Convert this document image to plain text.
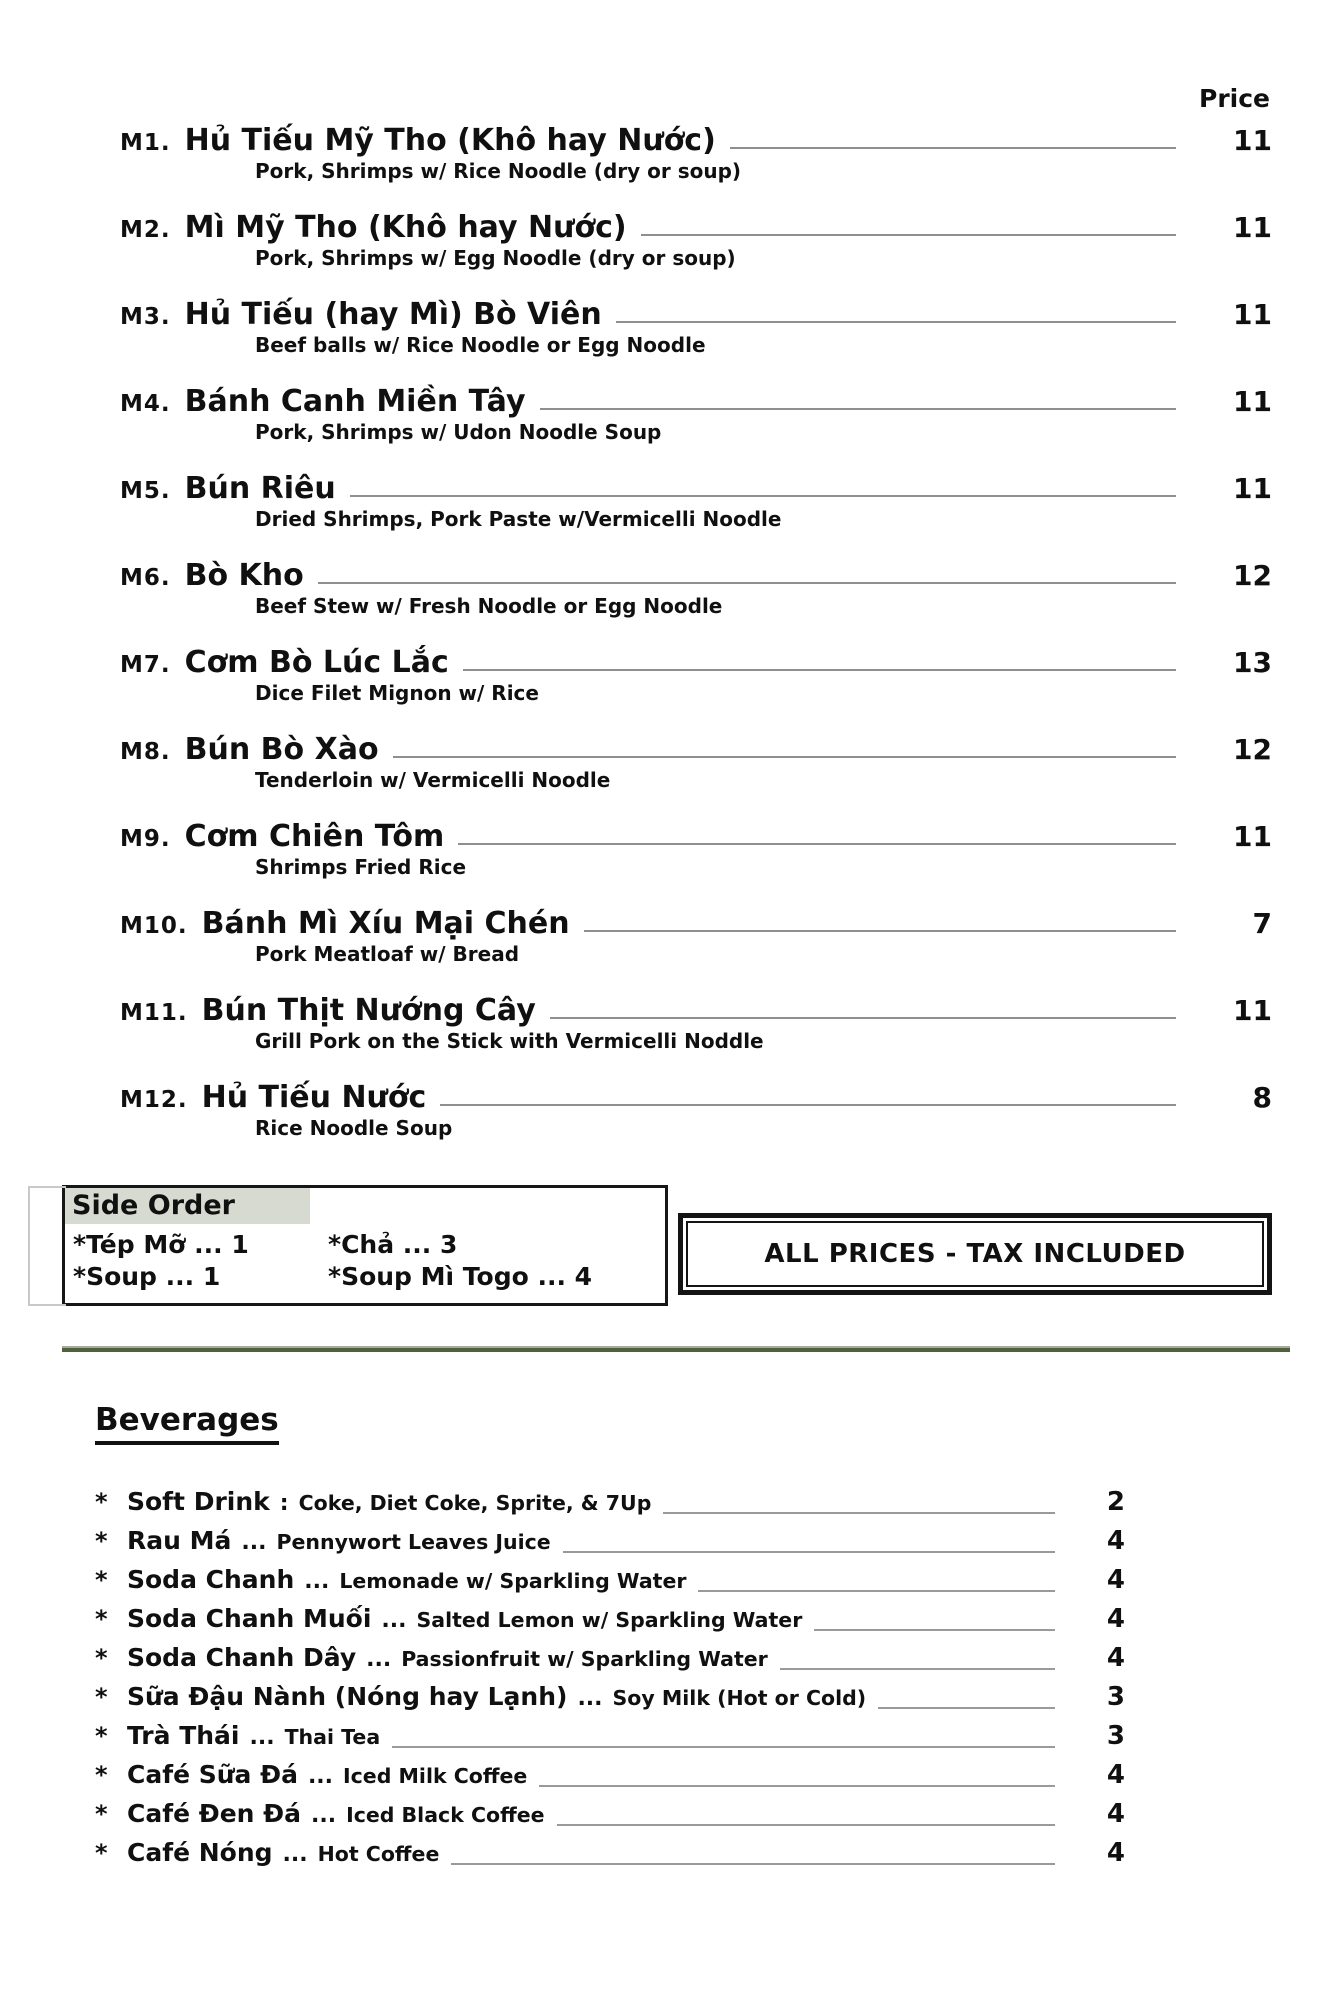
Price
M1. Hủ Tiếu Mỹ Tho (Khô hay Nước)	11
Pork, Shrimps w/ Rice Noodle (dry or soup)
M2. Mì Mỹ Tho (Khô hay Nước)	11
Pork, Shrimps w/ Egg Noodle (dry or soup)
M3. Hủ Tiếu (hay Mì) Bò Viên	11
Beef balls w/ Rice Noodle or Egg Noodle
M4. Bánh Canh Miền Tây	11
Pork, Shrimps w/ Udon Noodle Soup
M5. Bún Riêu	11
Dried Shrimps, Pork Paste w/Vermicelli Noodle
M6. Bò Kho	12
Beef Stew w/ Fresh Noodle or Egg Noodle
M7. Cơm Bò Lúc Lắc	13
Dice Filet Mignon w/ Rice
M8. Bún Bò Xào	12
Tenderloin w/ Vermicelli Noodle
M9. Cơm Chiên Tôm	11
Shrimps Fried Rice
M10. Bánh Mì Xíu Mại Chén	7
Pork Meatloaf w/ Bread
M11. Bún Thịt Nướng Cây	11
Grill Pork on the Stick with Vermicelli Noddle
M12. Hủ Tiếu Nước	8
Rice Noodle Soup
Side Order
*Tép Mỡ ... 1	*Chả ... 3
*Soup ... 1	*Soup Mì Togo ... 4
ALL PRICES - TAX INCLUDED
Beverages
* Soft Drink : Coke, Diet Coke, Sprite, & 7Up	2
* Rau Má ... Pennywort Leaves Juice	4
* Soda Chanh ... Lemonade w/ Sparkling Water	4
* Soda Chanh Muối ... Salted Lemon w/ Sparkling Water	4
* Soda Chanh Dây ... Passionfruit w/ Sparkling Water	4
* Sữa Đậu Nành (Nóng hay Lạnh) ... Soy Milk (Hot or Cold)	3
* Trà Thái ... Thai Tea	3
* Café Sữa Đá ... Iced Milk Coffee	4
* Café Đen Đá ... Iced Black Coffee	4
* Café Nóng ... Hot Coffee	4
